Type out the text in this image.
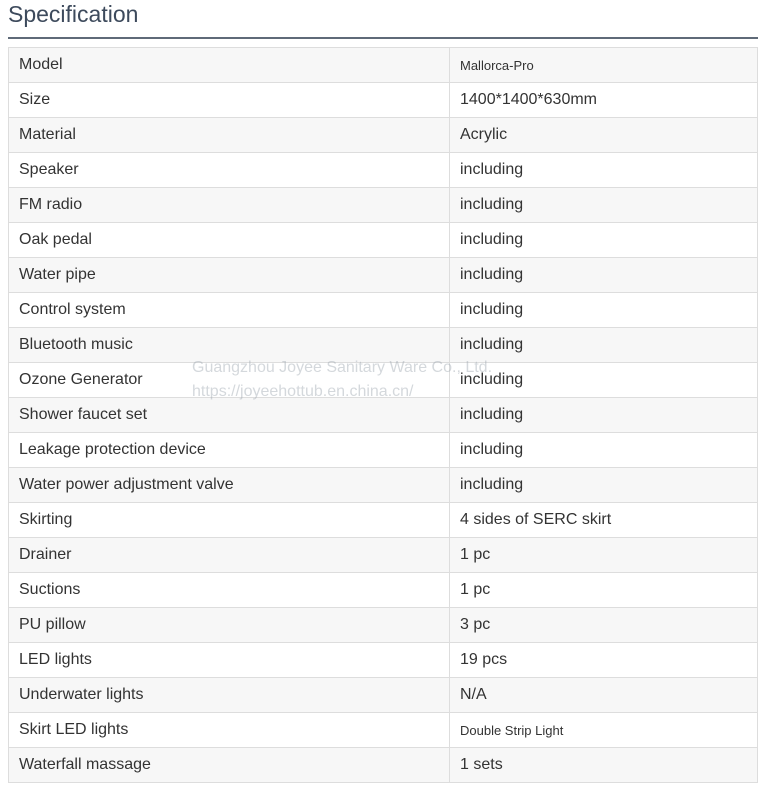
Specification
Model	Mallorca-Pro
Size	1400*1400*630mm
Material	Acrylic
Speaker	including
FM radio	including
Oak pedal	including
Water pipe	including
Control system	including
Bluetooth music	including
Ozone Generator	including
Shower faucet set	including
Leakage protection device	including
Water power adjustment valve	including
Skirting	4 sides of SERC skirt
Drainer	1 pc
Suctions	1 pc
PU pillow	3 pc
LED lights	19 pcs
Underwater lights	N/A
Skirt LED lights	Double Strip Light
Waterfall massage	1 sets
Guangzhou Joyee Sanitary Ware Co., Ltd.
https://joyeehottub.en.china.cn/
